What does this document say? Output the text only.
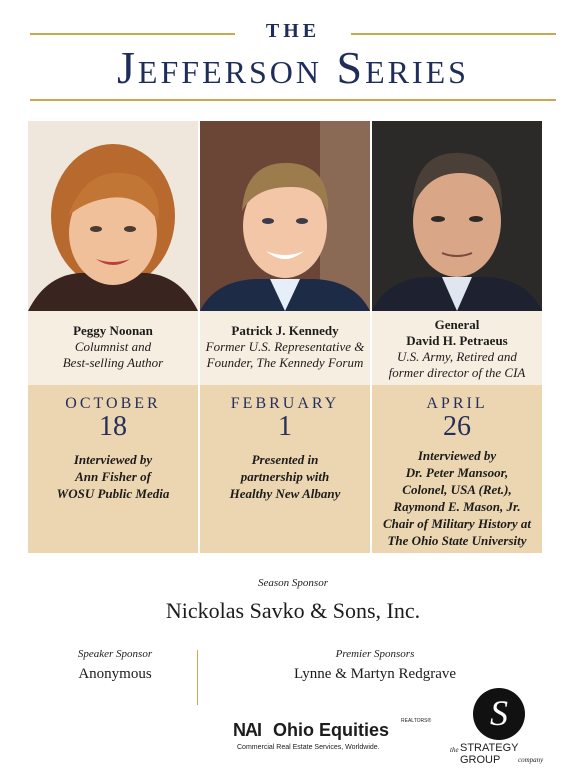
THE
Jefferson Series
Peggy Noonan
Columnist and
Best-selling Author
OCTOBER
18
Interviewed by
Ann Fisher of
WOSU Public Media
Patrick J. Kennedy
Former U.S. Representative &
Founder, The Kennedy Forum
FEBRUARY
1
Presented in
partnership with
Healthy New Albany
General
David H. Petraeus
U.S. Army, Retired and
former director of the CIA
APRIL
26
Interviewed by
Dr. Peter Mansoor,
Colonel, USA (Ret.),
Raymond E. Mason, Jr.
Chair of Military History at
The Ohio State University
Season Sponsor
Nickolas Savko & Sons, Inc.
Speaker Sponsor
Anonymous
Premier Sponsors
Lynne & Martyn Redgrave
NAI Ohio Equities REALTORS®
Commercial Real Estate Services, Worldwide.
S
the STRATEGY GROUP	company
